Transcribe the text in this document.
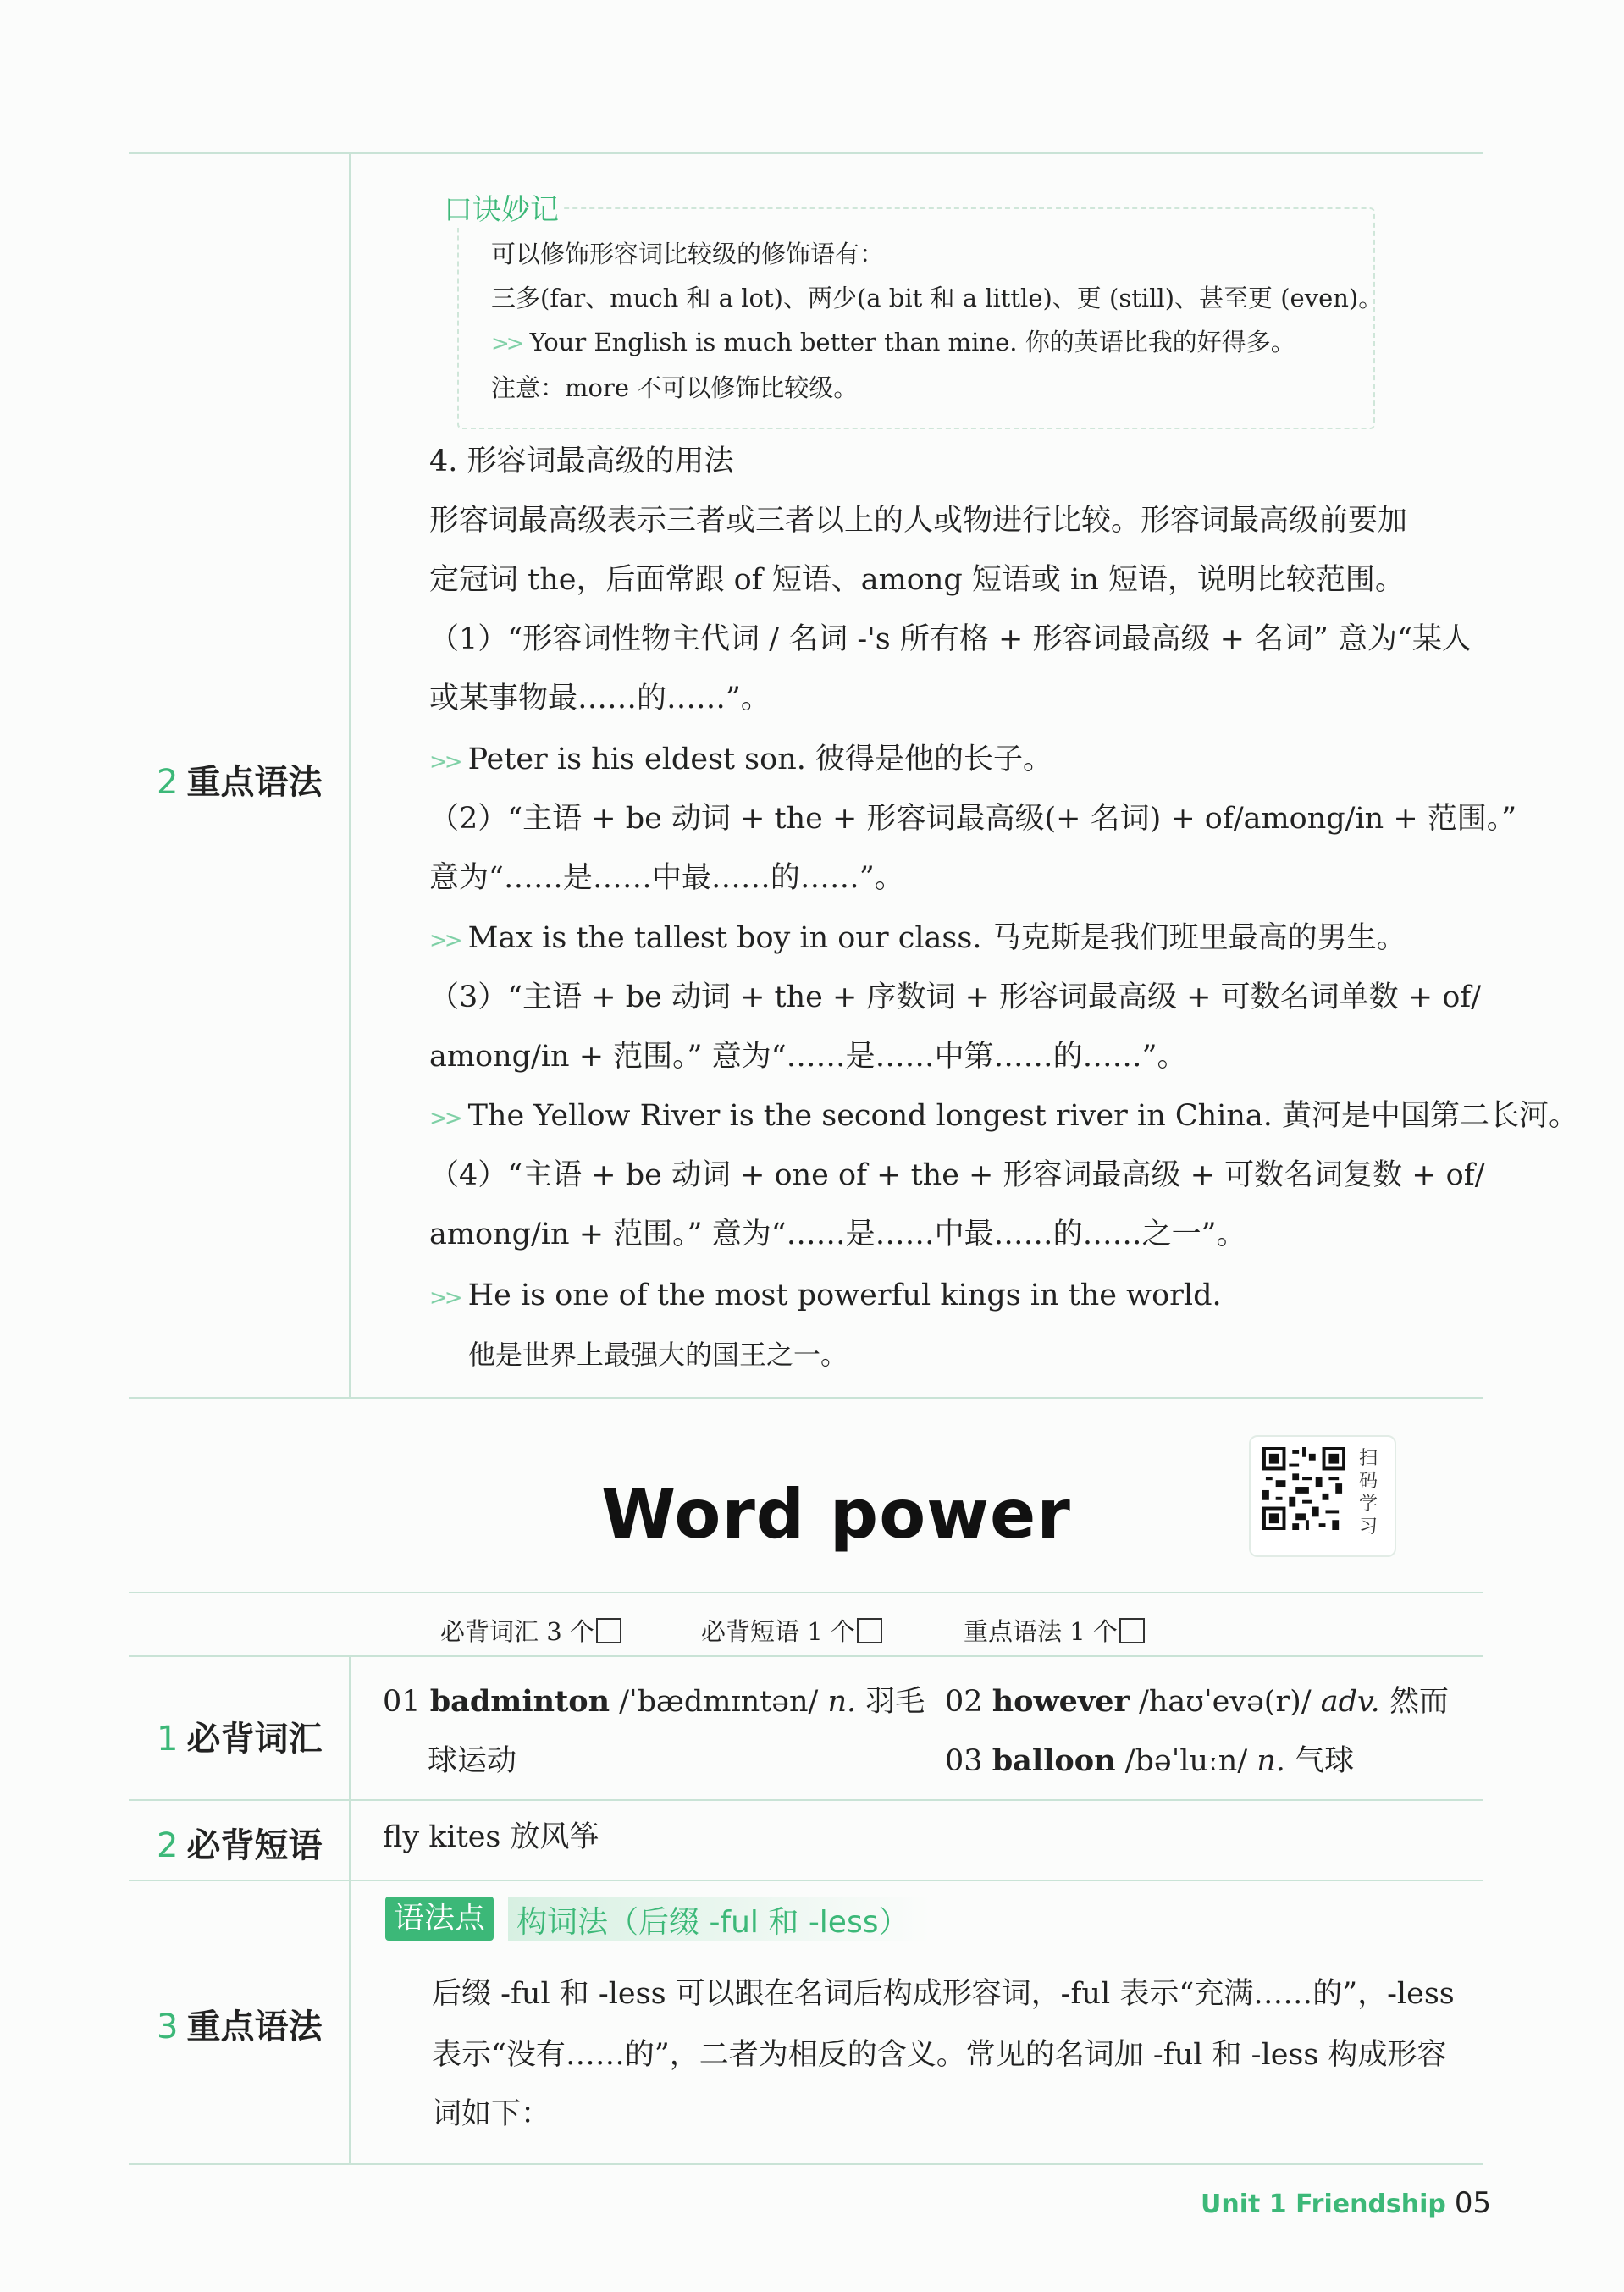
口诀妙记
可以修饰形容词比较级的修饰语有：
三多(far、much 和 a lot)、两少(a bit 和 a little)、更 (still)、甚至更 (even)。
>> Your English is much better than mine. 你的英语比我的好得多。
注意：more 不可以修饰比较级。
2 重点语法
4. 形容词最高级的用法
形容词最高级表示三者或三者以上的人或物进行比较。形容词最高级前要加
定冠词 the，后面常跟 of 短语、among 短语或 in 短语，说明比较范围。
（1）“形容词性物主代词 / 名词 -'s 所有格 + 形容词最高级 + 名词” 意为“某人
或某事物最……的……”。
>> Peter is his eldest son. 彼得是他的长子。
（2）“主语 + be 动词 + the + 形容词最高级(+ 名词) + of/among/in + 范围。”
意为“……是……中最……的……”。
>> Max is the tallest boy in our class. 马克斯是我们班里最高的男生。
（3）“主语 + be 动词 + the + 序数词 + 形容词最高级 + 可数名词单数 + of/
among/in + 范围。” 意为“……是……中第……的……”。
>> The Yellow River is the second longest river in China. 黄河是中国第二长河。
（4）“主语 + be 动词 + one of + the + 形容词最高级 + 可数名词复数 + of/
among/in + 范围。” 意为“……是……中最……的……之一”。
>> He is one of the most powerful kings in the world.
他是世界上最强大的国王之一。
Word power
扫码学习
必背词汇 3 个	必背短语 1 个	重点语法 1 个
1 必背词汇
01 badminton /ˈbædmɪntən/ n. 羽毛
球运动
02 however /haʊˈevə(r)/ adv. 然而
03 balloon /bəˈluːn/ n. 气球
2 必背短语 fly kites 放风筝
3 重点语法
语法点 构词法（后缀 -ful 和 -less）
后缀 -ful 和 -less 可以跟在名词后构成形容词，-ful 表示“充满……的”，-less
表示“没有……的”，二者为相反的含义。常见的名词加 -ful 和 -less 构成形容
词如下：
Unit 1 Friendship 05
